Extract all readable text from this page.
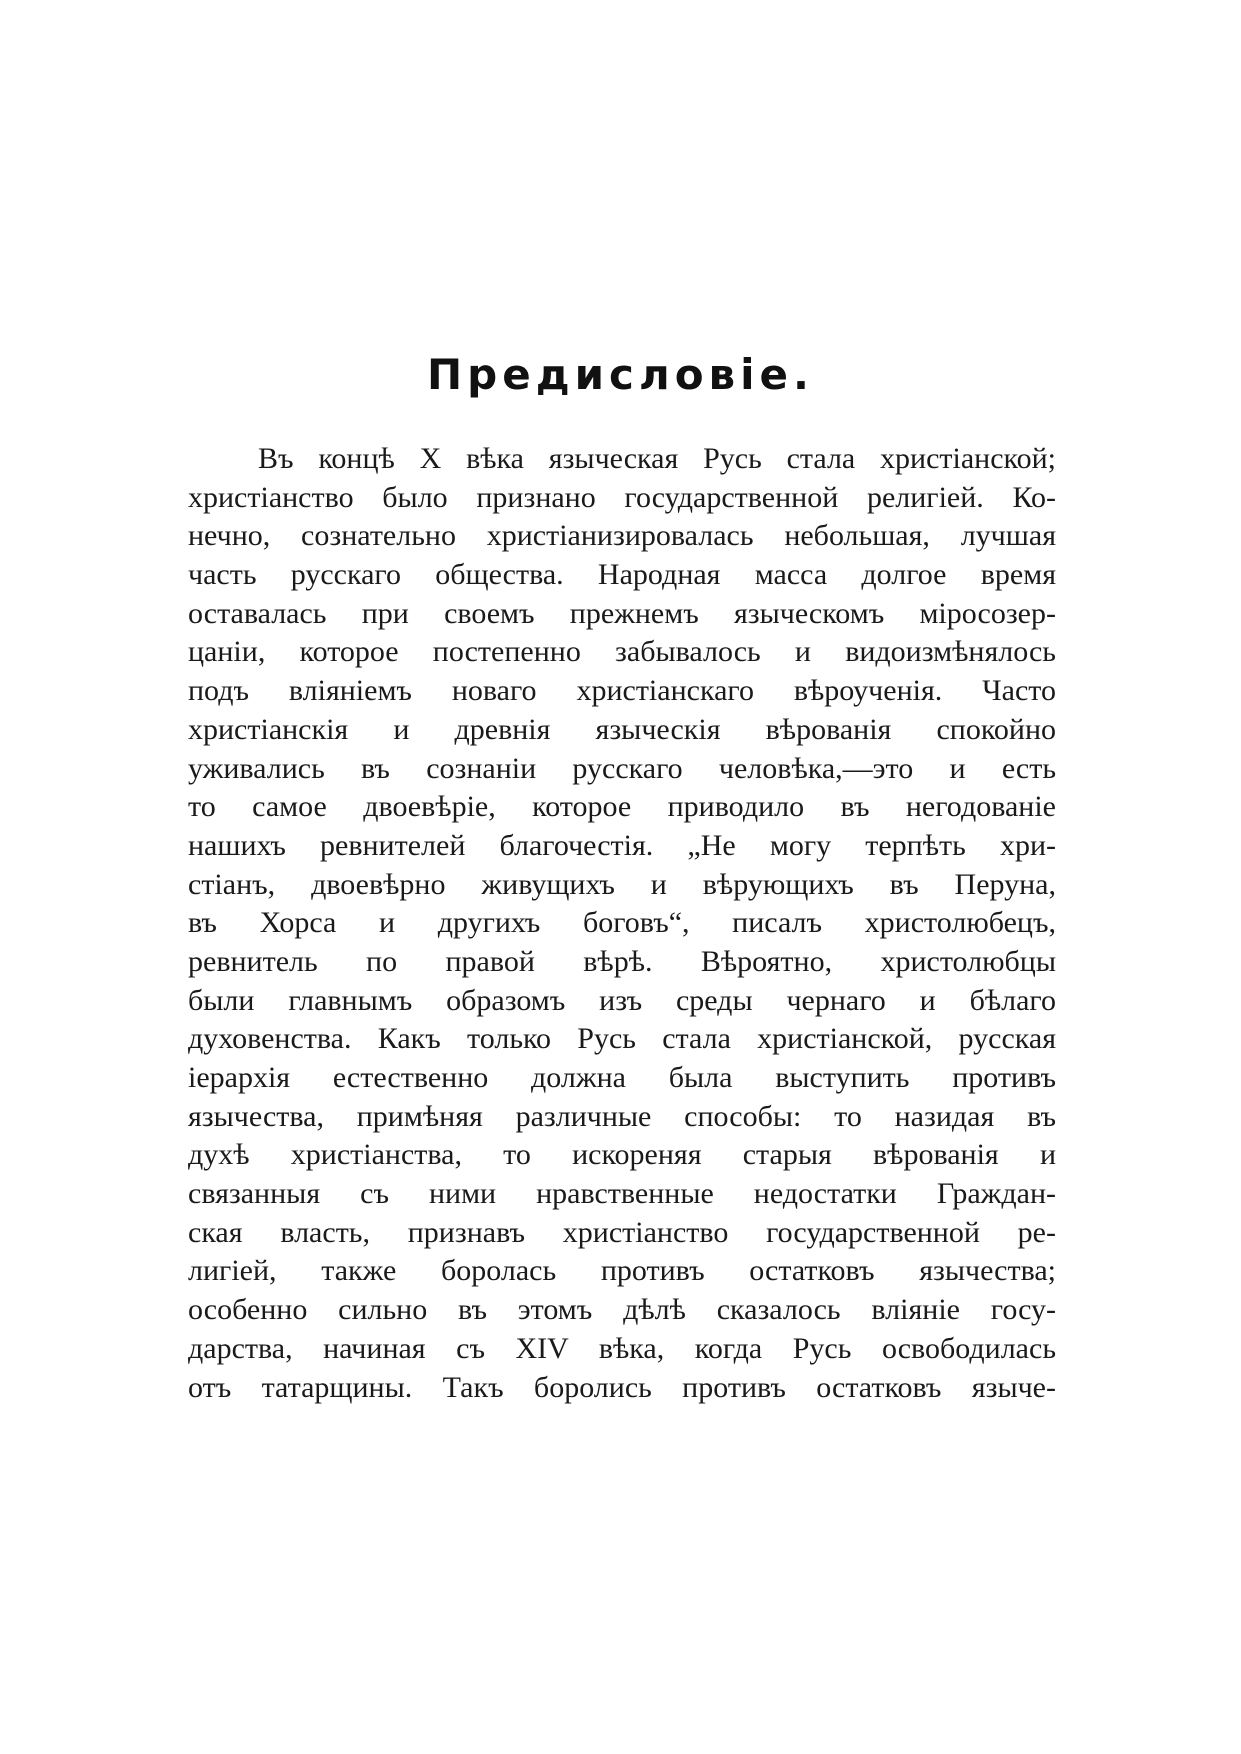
Предисловіе.
Въ концѣ X вѣка языческая Русь стала христіанской;
христіанство было признано государственной религіей. Ко-
нечно, сознательно христіанизировалась небольшая, лучшая
часть русскаго общества. Народная масса долгое время
оставалась при своемъ прежнемъ языческомъ міросозер-
цаніи, которое постепенно забывалось и видоизмѣнялось
подъ вліяніемъ новаго христіанскаго вѣроученія. Часто
христіанскія и древнія языческія вѣрованія спокойно
уживались въ сознаніи русскаго человѣка,—это и есть
то самое двоевѣріе, которое приводило въ негодованіе
нашихъ ревнителей благочестія. „Не могу терпѣть хри-
стіанъ, двоевѣрно живущихъ и вѣрующихъ въ Перуна,
въ Хорса и другихъ боговъ“, писалъ христолюбецъ,
ревнитель по правой вѣрѣ. Вѣроятно, христолюбцы
были главнымъ образомъ изъ среды чернаго и бѣлаго
духовенства. Какъ только Русь стала христіанской, русская
іерархія естественно должна была выступить противъ
язычества, примѣняя различные способы: то назидая въ
духѣ христіанства, то искореняя старыя вѣрованія и
связанныя съ ними нравственные недостатки Граждан-
ская власть, признавъ христіанство государственной ре-
лигіей, также боролась противъ остатковъ язычества;
особенно сильно въ этомъ дѣлѣ сказалось вліяніе госу-
дарства, начиная съ XIV вѣка, когда Русь освободилась
отъ татарщины. Такъ боролись противъ остатковъ языче-
